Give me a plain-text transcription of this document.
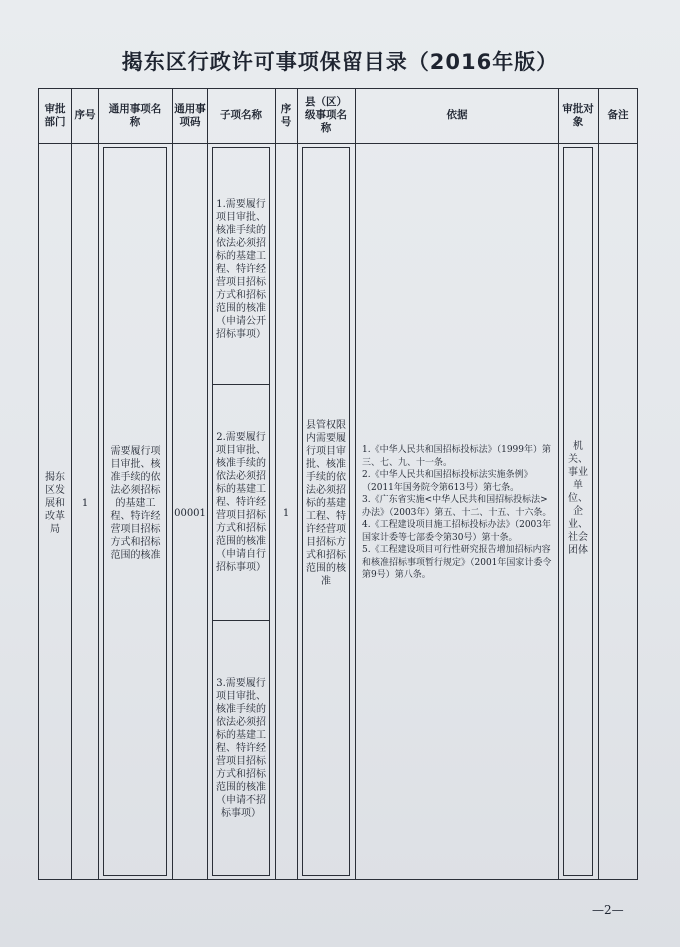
揭东区行政许可事项保留目录（2016年版）
审批部门
序号
通用事项名称
通用事项码
子项名称
序号
县（区）级事项名称
依据
审批对象
备注
揭东区发展和改革局
1
需要履行项目审批、核准手续的依法必须招标的基建工程、特许经营项目招标方式和招标范围的核准
00001
1.需要履行项目审批、核准手续的依法必须招标的基建工程、特许经营项目招标方式和招标范围的核准（申请公开招标事项）
2.需要履行项目审批、核准手续的依法必须招标的基建工程、特许经营项目招标方式和招标范围的核准（申请自行招标事项）
3.需要履行项目审批、核准手续的依法必须招标的基建工程、特许经营项目招标方式和招标范围的核准（申请不招标事项）
1
县管权限内需要履行项目审批、核准手续的依法必须招标的基建工程、特许经营项目招标方式和招标范围的核准
1.《中华人民共和国招标投标法》（1999年）第三、七、九、十一条。
2.《中华人民共和国招标投标法实施条例》（2011年国务院令第613号）第七条。
3.《广东省实施<中华人民共和国招标投标法>办法》（2003年）第五、十二、十五、十六条。
4.《工程建设项目施工招标投标办法》（2003年国家计委等七部委令第30号）第十条。
5.《工程建设项目可行性研究报告增加招标内容和核准招标事项暂行规定》（2001年国家计委令第9号）第八条。
机关、事业单位、企业、社会团体
—2—
